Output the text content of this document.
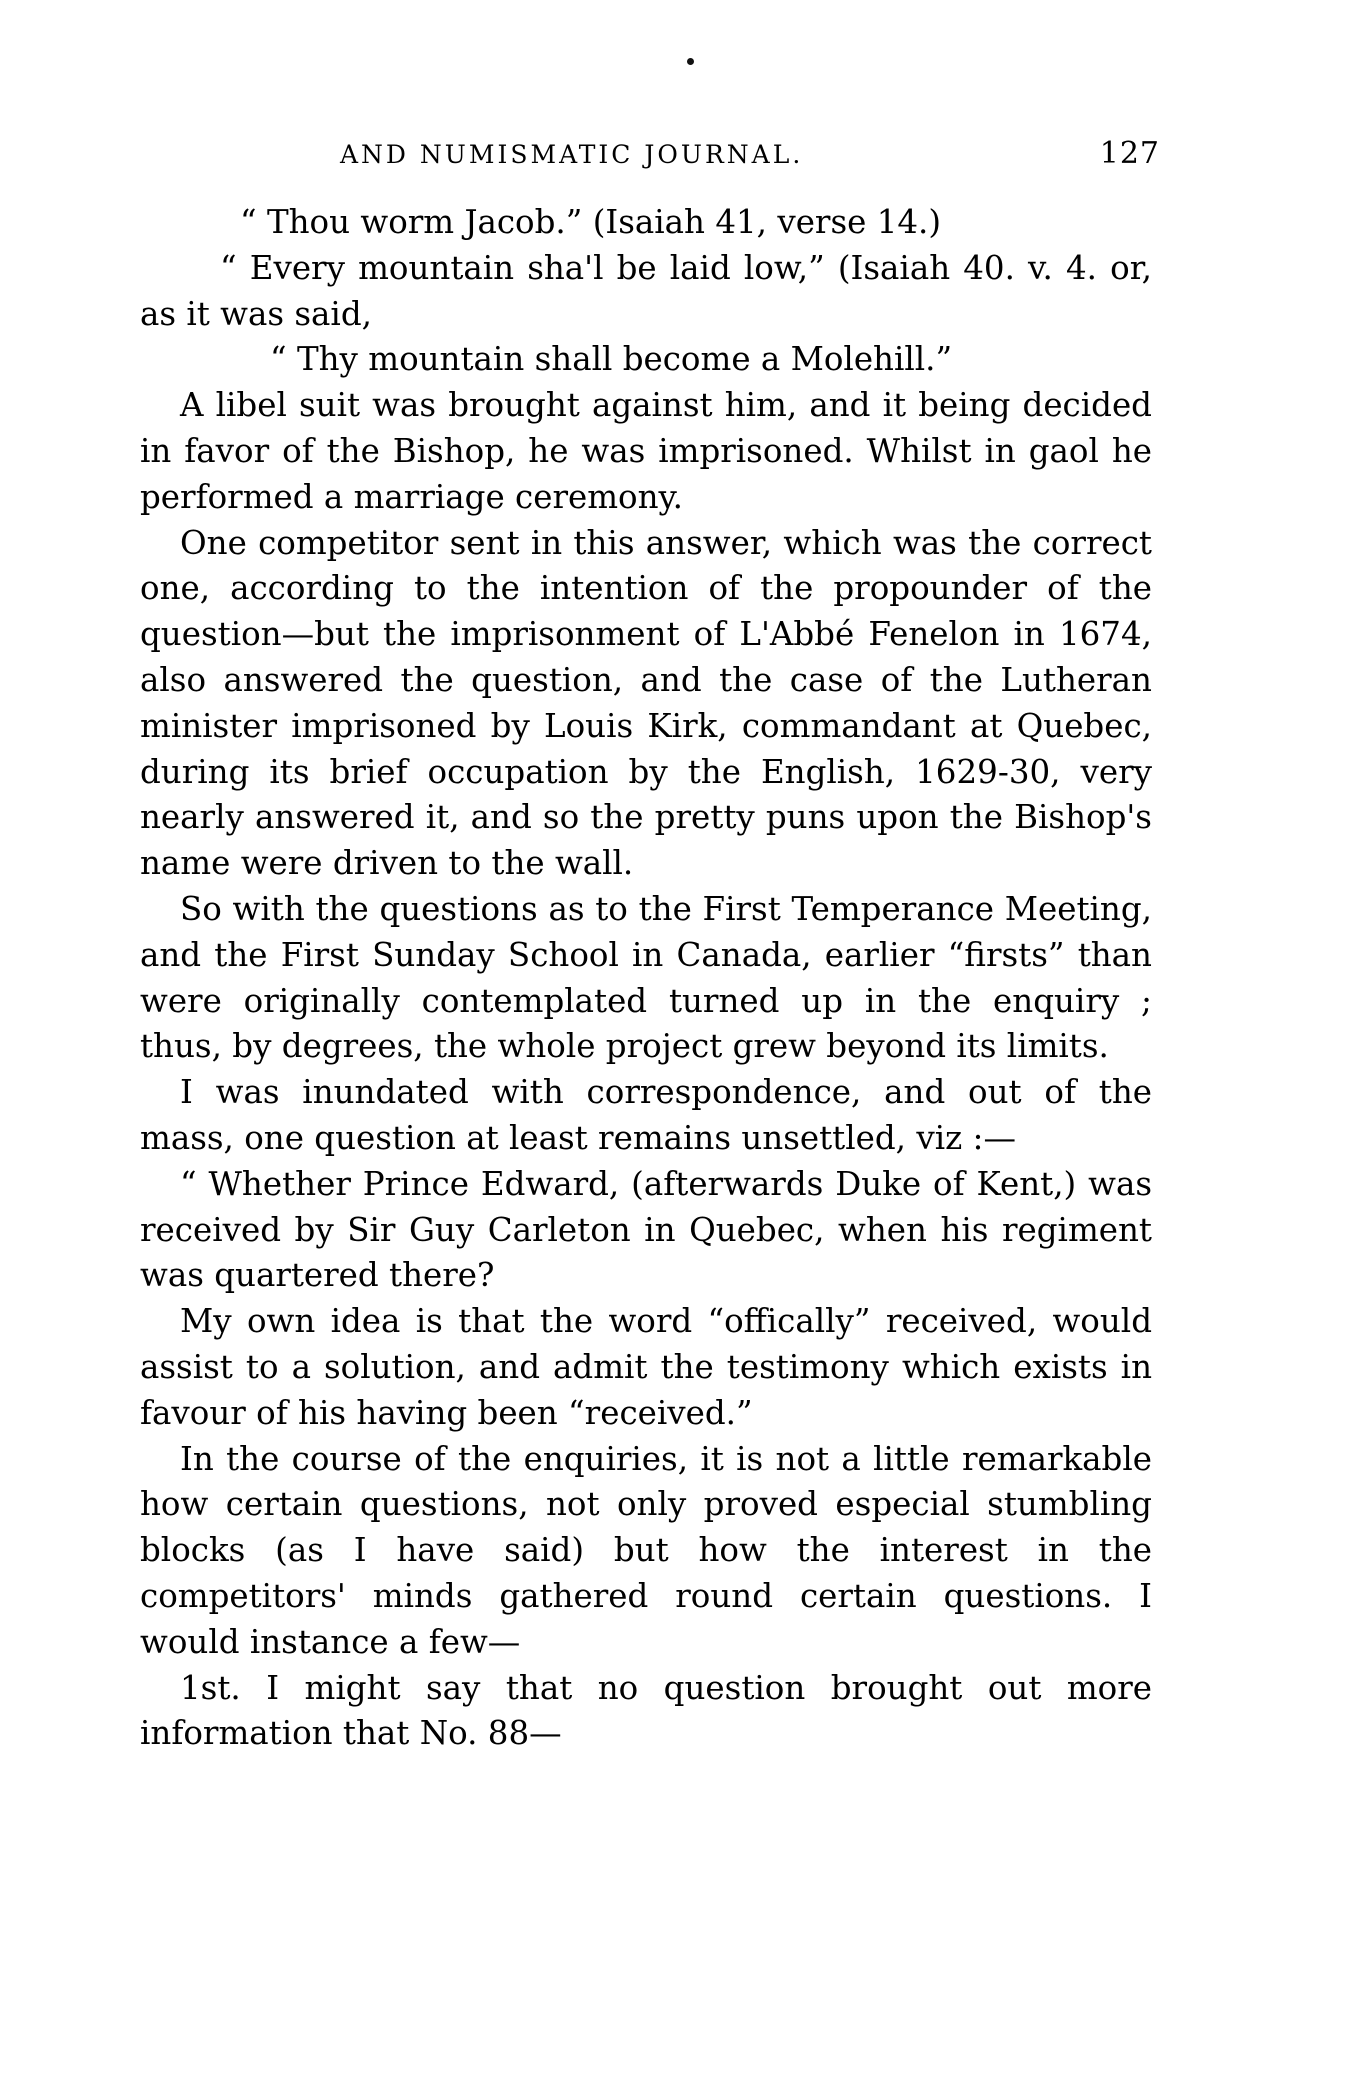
AND NUMISMATIC JOURNAL.	127

“ Thou worm Jacob.” (Isaiah 41, verse 14.)

“ Every mountain sha'l be laid low,” (Isaiah 40. v. 4. or, as it was said,

“ Thy mountain shall become a Molehill.”

A libel suit was brought against him, and it being decided in favor of the Bishop, he was imprisoned. Whilst in gaol he performed a marriage ceremony.

One competitor sent in this answer, which was the correct one, according to the intention of the propounder of the question—but the imprisonment of L'Abbé Fenelon in 1674, also answered the question, and the case of the Lutheran minister imprisoned by Louis Kirk, commandant at Quebec, during its brief occupation by the English, 1629-30, very nearly answered it, and so the pretty puns upon the Bishop's name were driven to the wall.

So with the questions as to the First Temperance Meeting, and the First Sunday School in Canada, earlier “firsts” than were originally contemplated turned up in the enquiry ; thus, by degrees, the whole project grew beyond its limits.

I was inundated with correspondence, and out of the mass, one question at least remains unsettled, viz :—

“ Whether Prince Edward, (afterwards Duke of Kent,) was received by Sir Guy Carleton in Quebec, when his regiment was quartered there?

My own idea is that the word “offically” received, would assist to a solution, and admit the testimony which exists in favour of his having been “received.”

In the course of the enquiries, it is not a little remarkable how certain questions, not only proved especial stumbling blocks (as I have said) but how the interest in the competitors' minds gathered round certain questions. I would instance a few—

1st. I might say that no question brought out more information that No. 88—
